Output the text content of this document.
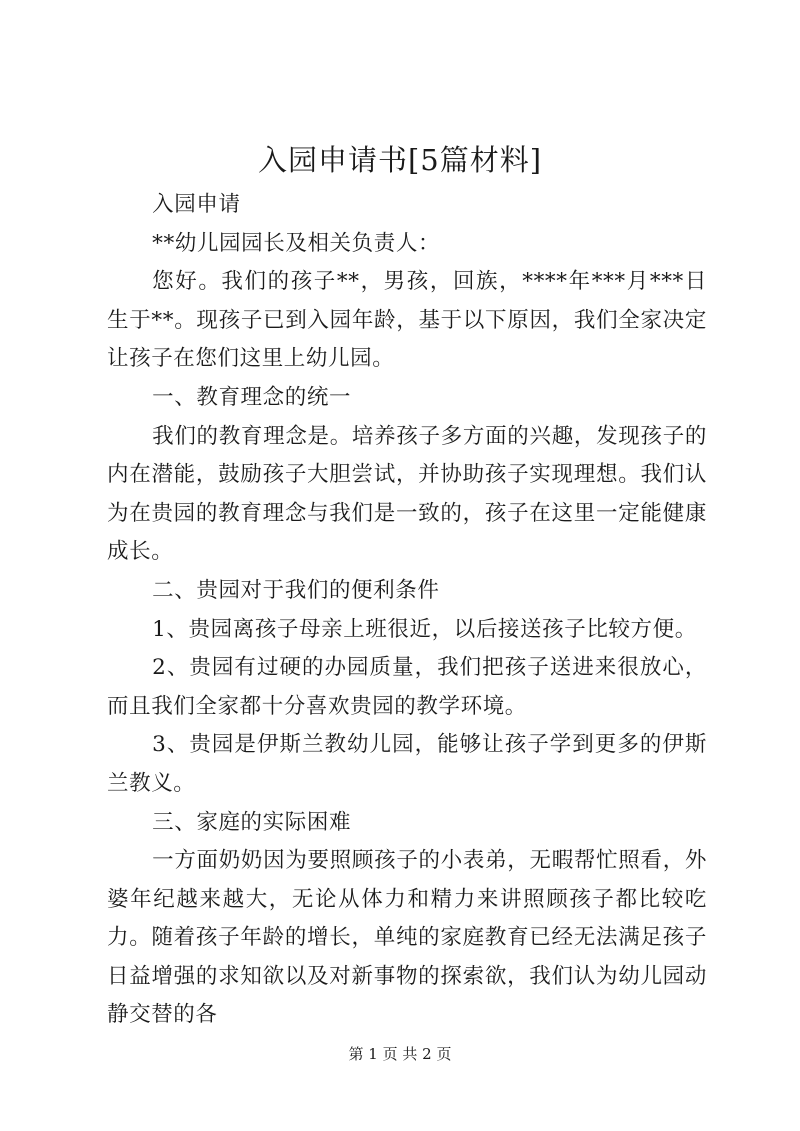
入园申请书[5篇材料]

入园申请

**幼儿园园长及相关负责人：

您好。我们的孩子**，男孩，回族，****年***月***日生于**。现孩子已到入园年龄，基于以下原因，我们全家决定让孩子在您们这里上幼儿园。

一、教育理念的统一

我们的教育理念是。培养孩子多方面的兴趣，发现孩子的内在潜能，鼓励孩子大胆尝试，并协助孩子实现理想。我们认为在贵园的教育理念与我们是一致的，孩子在这里一定能健康成长。

二、贵园对于我们的便利条件

1、贵园离孩子母亲上班很近，以后接送孩子比较方便。

2、贵园有过硬的办园质量，我们把孩子送进来很放心，而且我们全家都十分喜欢贵园的教学环境。

3、贵园是伊斯兰教幼儿园，能够让孩子学到更多的伊斯兰教义。

三、家庭的实际困难

一方面奶奶因为要照顾孩子的小表弟，无暇帮忙照看，外婆年纪越来越大，无论从体力和精力来讲照顾孩子都比较吃力。随着孩子年龄的增长，单纯的家庭教育已经无法满足孩子日益增强的求知欲以及对新事物的探索欲，我们认为幼儿园动静交替的各

第 1 页 共 2 页
